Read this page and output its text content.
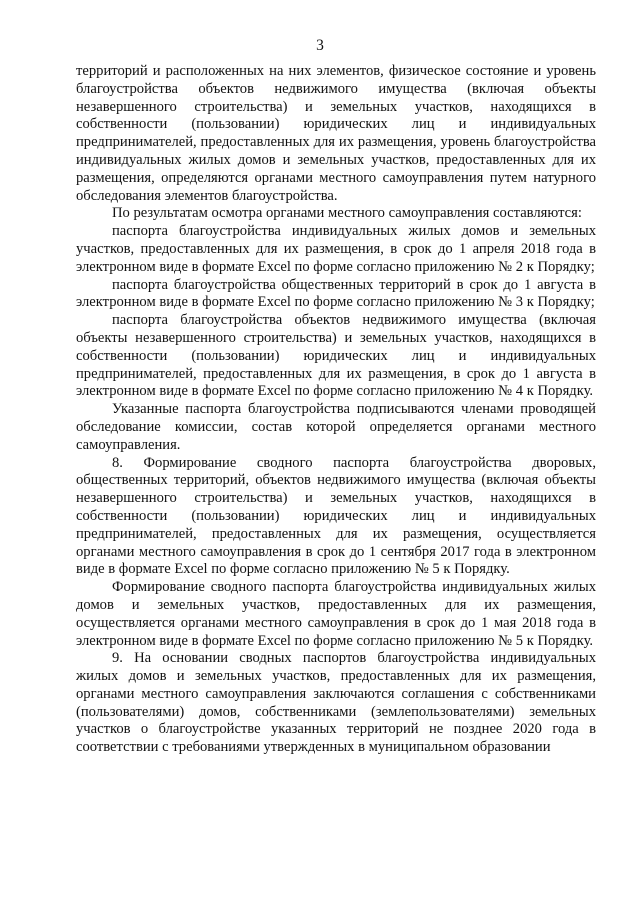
3

территорий и расположенных на них элементов, физическое состояние и уровень благоустройства объектов недвижимого имущества (включая объекты незавершенного строительства) и земельных участков, находящихся в собственности (пользовании) юридических лиц и индивидуальных предпринимателей, предоставленных для их размещения, уровень благоустройства индивидуальных жилых домов и земельных участков, предоставленных для их размещения, определяются органами местного самоуправления путем натурного обследования элементов благоустройства.

По результатам осмотра органами местного самоуправления составляются:

паспорта благоустройства индивидуальных жилых домов и земельных участков, предоставленных для их размещения, в срок до 1 апреля 2018 года в электронном виде в формате Excel по форме согласно приложению № 2 к Порядку;

паспорта благоустройства общественных территорий в срок до 1 августа в электронном виде в формате Excel по форме согласно приложению № 3 к Порядку;

паспорта благоустройства объектов недвижимого имущества (включая объекты незавершенного строительства) и земельных участков, находящихся в собственности (пользовании) юридических лиц и индивидуальных предпринимателей, предоставленных для их размещения, в срок до 1 августа в электронном виде в формате Excel по форме согласно приложению № 4 к Порядку.

Указанные паспорта благоустройства подписываются членами проводящей обследование комиссии, состав которой определяется органами местного самоуправления.

8. Формирование сводного паспорта благоустройства дворовых, общественных территорий, объектов недвижимого имущества (включая объекты незавершенного строительства) и земельных участков, находящихся в собственности (пользовании) юридических лиц и индивидуальных предпринимателей, предоставленных для их размещения, осуществляется органами местного самоуправления в срок до 1 сентября 2017 года в электронном виде в формате Excel по форме согласно приложению № 5 к Порядку.

Формирование сводного паспорта благоустройства индивидуальных жилых домов и земельных участков, предоставленных для их размещения, осуществляется органами местного самоуправления в срок до 1 мая 2018 года в электронном виде в формате Excel по форме согласно приложению № 5 к Порядку.

9. На основании сводных паспортов благоустройства индивидуальных жилых домов и земельных участков, предоставленных для их размещения, органами местного самоуправления заключаются соглашения с собственниками (пользователями) домов, собственниками (землепользователями) земельных участков о благоустройстве указанных территорий не позднее 2020 года в соответствии с требованиями утвержденных в муниципальном образовании
